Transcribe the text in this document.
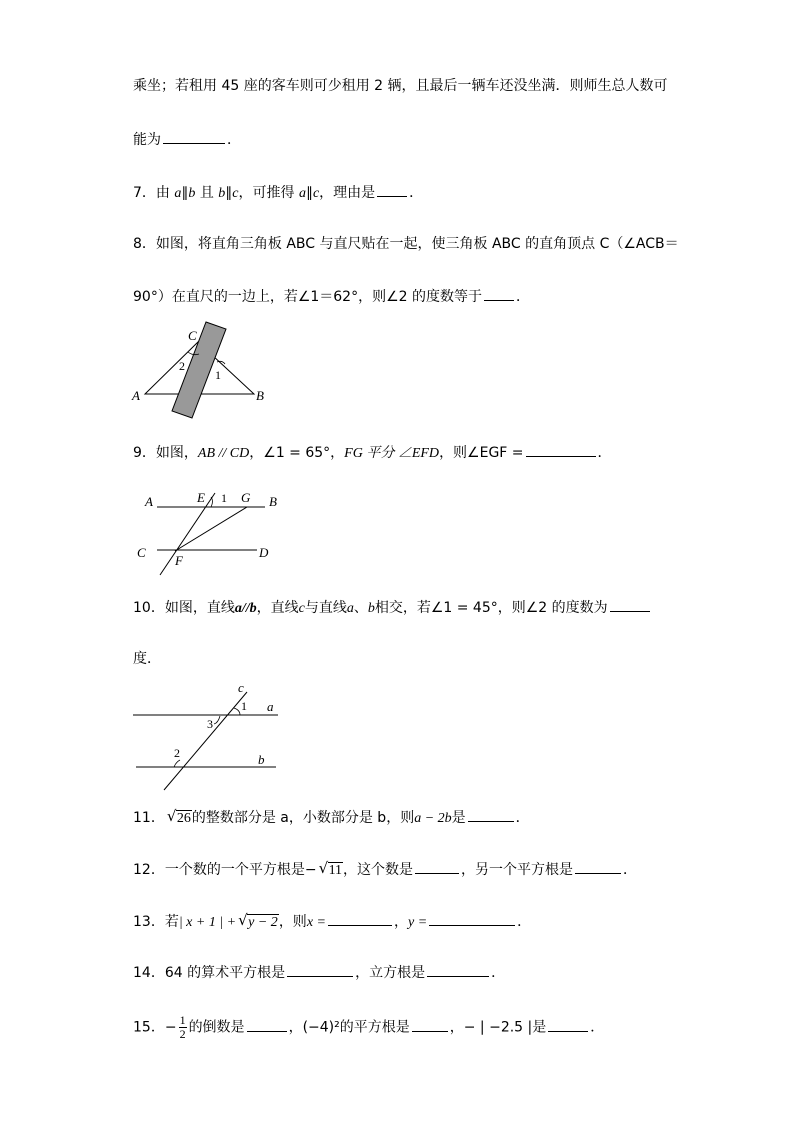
乘坐；若租用 45 座的客车则可少租用 2 辆，且最后一辆车还没坐满．则师生总人数可
能为	．
7．由 a∥b 且 b∥c，可推得 a∥c，理由是 ．
8．如图，将直角三角板 ABC 与直尺贴在一起，使三角板 ABC 的直角顶点 C（∠ACB＝
90°）在直尺的一边上，若∠1＝62°，则∠2 的度数等于 ．
C
A	B
2
1
9．如图，AB // CD，∠1 = 65°，FG 平分 ∠EFD，则∠EGF =	．
A	E 1 G B
C
F
D
10．如图，直线a//b，直线c与直线a、b相交，若∠1 = 45°，则∠2 的度数为
度．
c
a
b
1
3
2
11． √ 26的整数部分是 a，小数部分是 b，则a − 2b是	．
12．一个数的一个平方根是− √ 11，这个数是	，另一个平方根是	．
13．若| x + 1 | + √ y − 2，则x =	，y =	．
14．64 的算术平方根是	，立方根是	．
15．− $\frac{1}{2}$ 的倒数是	，(−4)²的平方根是	，− | −2.5 |是	．
